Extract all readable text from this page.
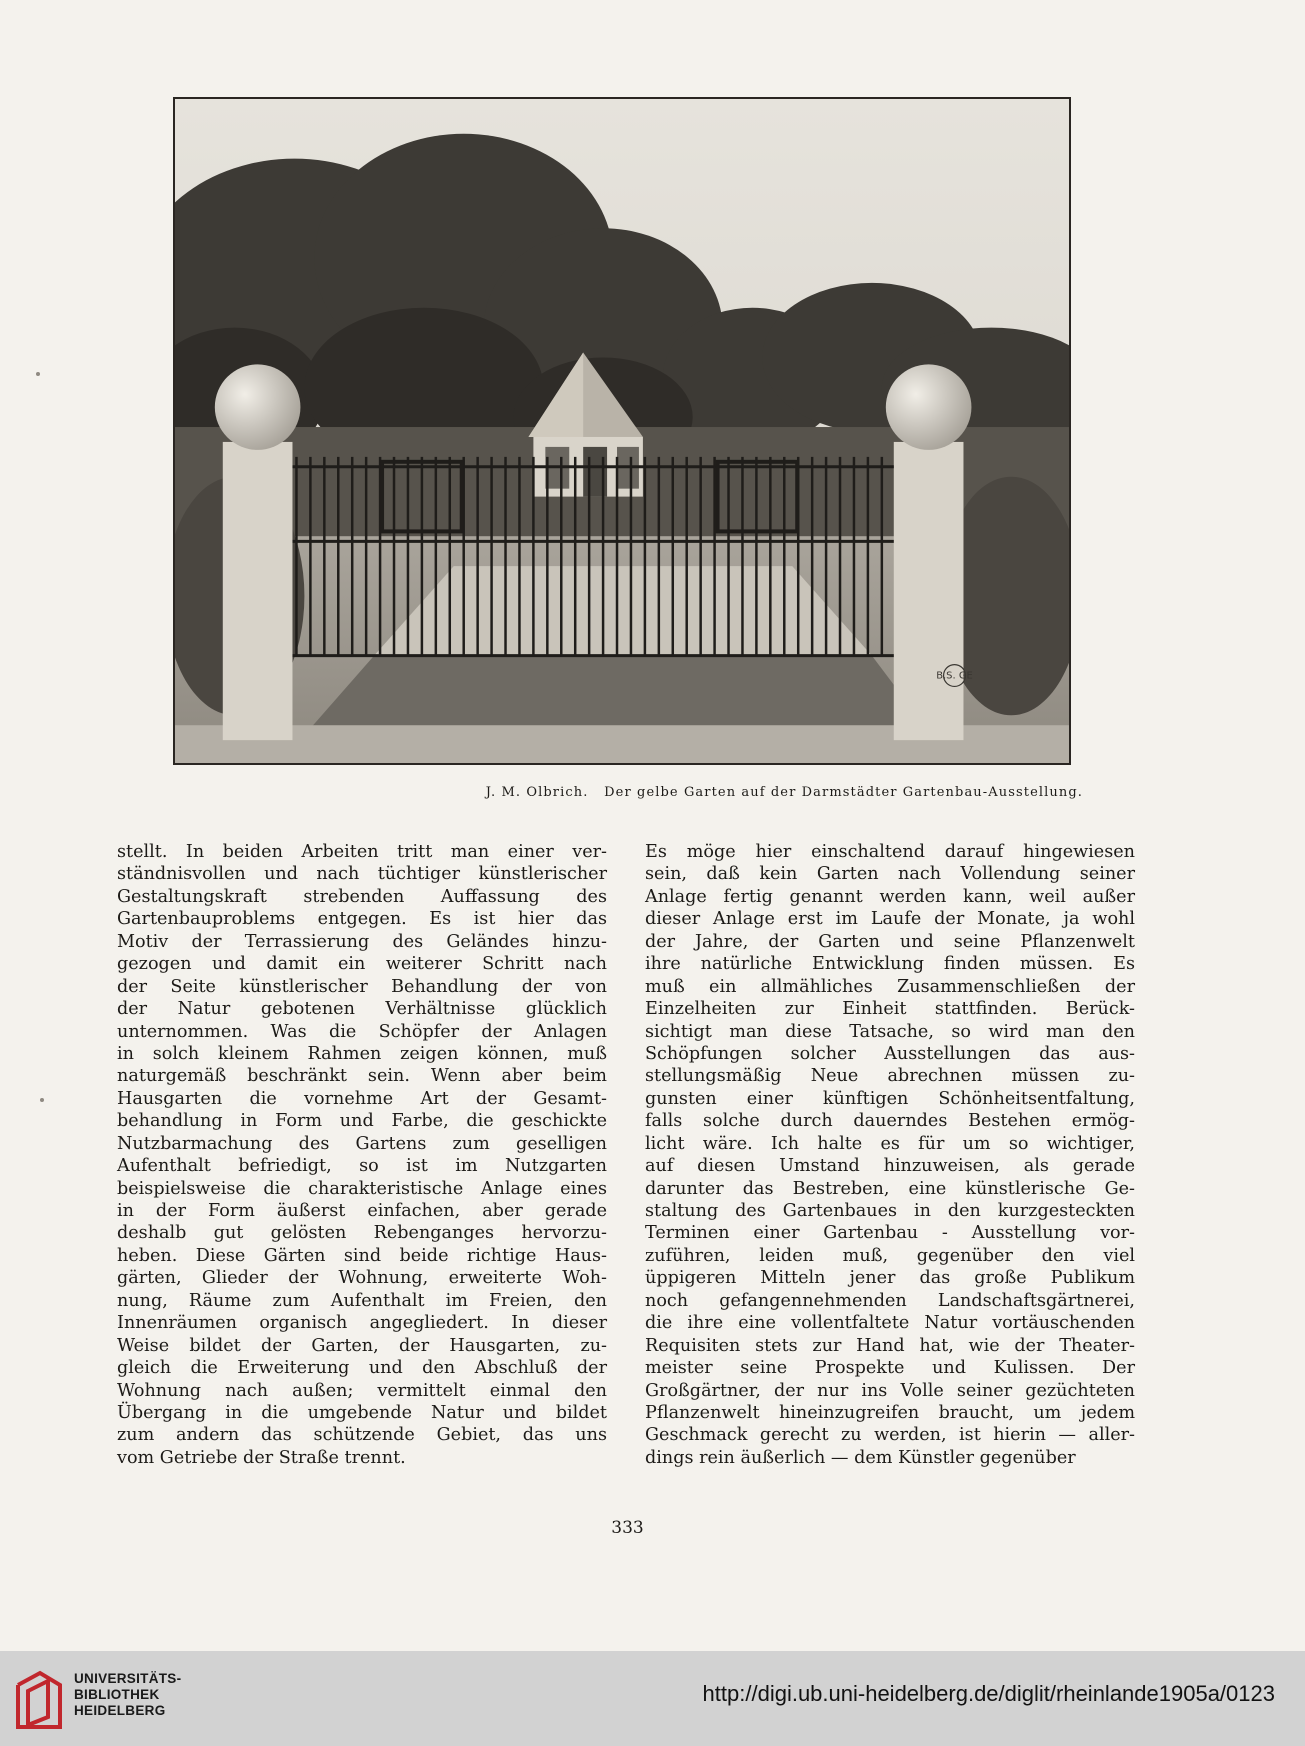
B.S. GE
J. M. Olbrich. Der gelbe Garten auf der Darmstädter Gartenbau-Ausstellung.
stellt. In beiden Arbeiten tritt man einer ver-
ständnisvollen und nach tüchtiger künstlerischer
Gestaltungskraft strebenden Auffassung des
Gartenbauproblems entgegen. Es ist hier das
Motiv der Terrassierung des Geländes hinzu-
gezogen und damit ein weiterer Schritt nach
der Seite künstlerischer Behandlung der von
der Natur gebotenen Verhältnisse glücklich
unternommen. Was die Schöpfer der Anlagen
in solch kleinem Rahmen zeigen können, muß
naturgemäß beschränkt sein. Wenn aber beim
Hausgarten die vornehme Art der Gesamt-
behandlung in Form und Farbe, die geschickte
Nutzbarmachung des Gartens zum geselligen
Aufenthalt befriedigt, so ist im Nutzgarten
beispielsweise die charakteristische Anlage eines
in der Form äußerst einfachen, aber gerade
deshalb gut gelösten Rebenganges hervorzu-
heben. Diese Gärten sind beide richtige Haus-
gärten, Glieder der Wohnung, erweiterte Woh-
nung, Räume zum Aufenthalt im Freien, den
Innenräumen organisch angegliedert. In dieser
Weise bildet der Garten, der Hausgarten, zu-
gleich die Erweiterung und den Abschluß der
Wohnung nach außen; vermittelt einmal den
Übergang in die umgebende Natur und bildet
zum andern das schützende Gebiet, das uns
vom Getriebe der Straße trennt.
Es möge hier einschaltend darauf hingewiesen
sein, daß kein Garten nach Vollendung seiner
Anlage fertig genannt werden kann, weil außer
dieser Anlage erst im Laufe der Monate, ja wohl
der Jahre, der Garten und seine Pflanzenwelt
ihre natürliche Entwicklung finden müssen. Es
muß ein allmähliches Zusammenschließen der
Einzelheiten zur Einheit stattfinden. Berück-
sichtigt man diese Tatsache, so wird man den
Schöpfungen solcher Ausstellungen das aus-
stellungsmäßig Neue abrechnen müssen zu-
gunsten einer künftigen Schönheitsentfaltung,
falls solche durch dauerndes Bestehen ermög-
licht wäre. Ich halte es für um so wichtiger,
auf diesen Umstand hinzuweisen, als gerade
darunter das Bestreben, eine künstlerische Ge-
staltung des Gartenbaues in den kurzgesteckten
Terminen einer Gartenbau - Ausstellung vor-
zuführen, leiden muß, gegenüber den viel
üppigeren Mitteln jener das große Publikum
noch gefangennehmenden Landschaftsgärtnerei,
die ihre eine vollentfaltete Natur vortäuschenden
Requisiten stets zur Hand hat, wie der Theater-
meister seine Prospekte und Kulissen. Der
Großgärtner, der nur ins Volle seiner gezüchteten
Pflanzenwelt hineinzugreifen braucht, um jedem
Geschmack gerecht zu werden, ist hierin — aller-
dings rein äußerlich — dem Künstler gegenüber
333
UNIVERSITÄTS-
BIBLIOTHEK
HEIDELBERG
http://digi.ub.uni-heidelberg.de/diglit/rheinlande1905a/0123
